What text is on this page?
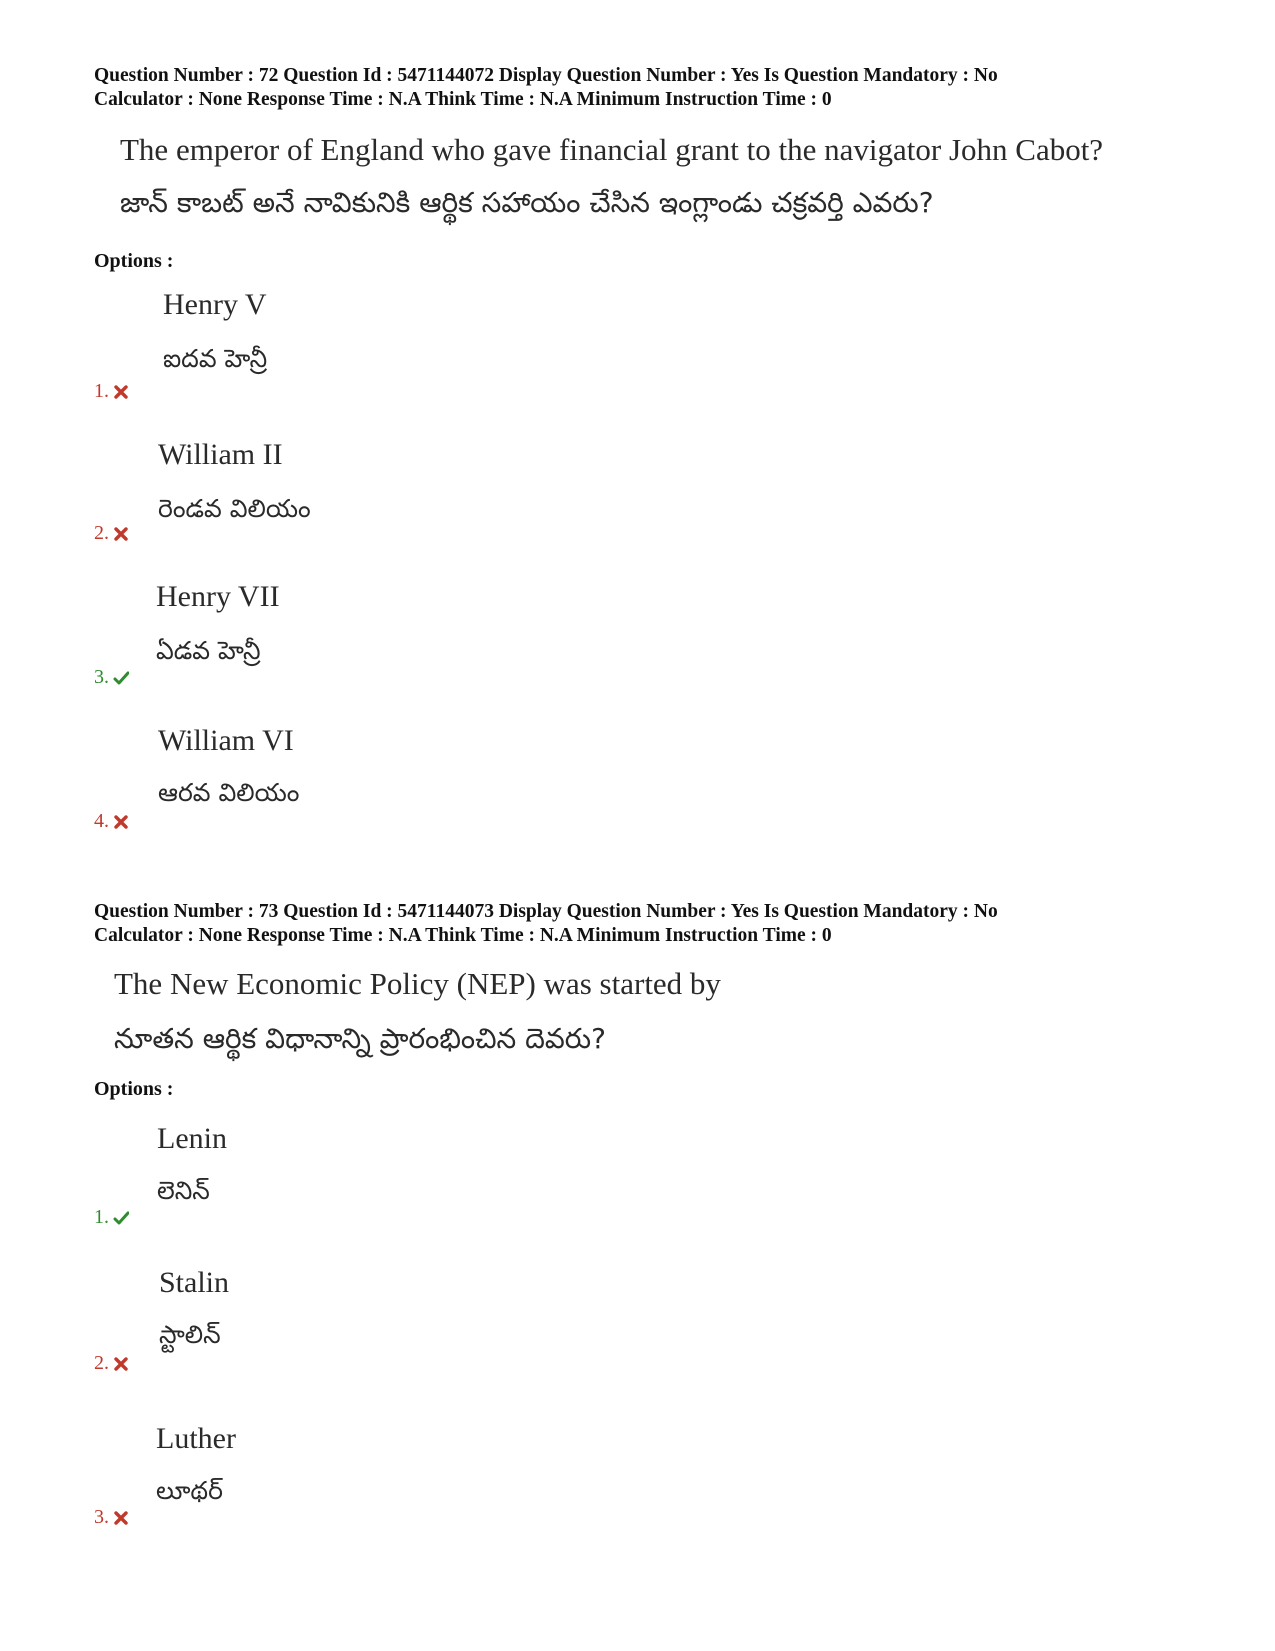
Question Number : 72 Question Id : 5471144072 Display Question Number : Yes Is Question Mandatory : No
Calculator : None Response Time : N.A Think Time : N.A Minimum Instruction Time : 0
The emperor of England who gave financial grant to the navigator John Cabot?
జాన్ కాబట్ అనే నావికునికి ఆర్థిక సహాయం చేసిన ఇంగ్లాండు చక్రవర్తి ఎవరు?
Options :
Henry V
ఐదవ హెన్రీ
1.
William II
రెండవ విలియం
2.
Henry VII
ఏడవ హెన్రీ
3.
William VI
ఆరవ విలియం
4.
Question Number : 73 Question Id : 5471144073 Display Question Number : Yes Is Question Mandatory : No
Calculator : None Response Time : N.A Think Time : N.A Minimum Instruction Time : 0
The New Economic Policy (NEP) was started by
నూతన ఆర్థిక విధానాన్ని ప్రారంభించిన దెవరు?
Options :
Lenin
లెనిన్
1.
Stalin
స్టాలిన్
2.
Luther
లూథర్
3.
